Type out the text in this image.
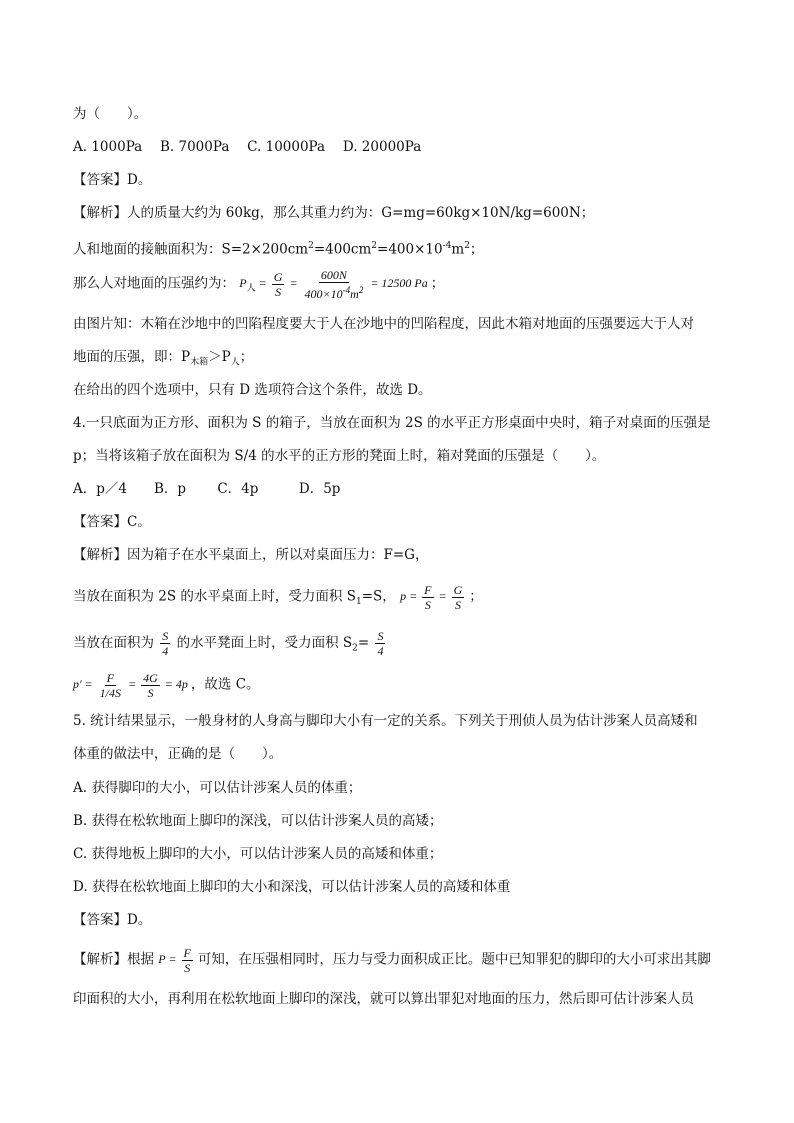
为（　　）。
A. 1000Pa　 B. 7000Pa　 C. 10000Pa　 D. 20000Pa
【答案】D。
【解析】人的质量大约为 60kg，那么其重力约为：G=mg=60kg×10N/kg=600N；
人和地面的接触面积为：$S=2\times 200cm^2=400cm^2=400\times 10^{-4}m^2$；
那么人对地面的压强约为： $P_人 = \frac{G}{S} = \frac{600N}{400\times 10^{-4}m^2} = 12500$ Pa ；
由图片知：木箱在沙地中的凹陷程度要大于人在沙地中的凹陷程度，因此木箱对地面的压强要远大于人对
地面的压强，即：$P_{木箱}>P_人$；
在给出的四个选项中，只有 D 选项符合这个条件，故选 D。
4.一只底面为正方形、面积为 S 的箱子，当放在面积为 2S 的水平正方形桌面中央时，箱子对桌面的压强是
p；当将该箱子放在面积为 S/4 的水平的正方形的凳面上时，箱对凳面的压强是（　　）。
A．p／4　　B．p　　 C．4p　　　D．5p
【答案】C。
【解析】因为箱子在水平桌面上，所以对桌面压力：F=G，
当放在面积为 2S 的水平桌面上时，受力面积 $S_1=S$， $p = \frac{F}{S} = \frac{G}{S}$ ；
当放在面积为 $\frac{S}{4}$ 的水平凳面上时，受力面积 $S_2= \frac{S}{4}$
$p' = \frac{F}{1/4S} = \frac{4G}{S} = 4p$ ，故选 C。
5. 统计结果显示，一般身材的人身高与脚印大小有一定的关系。下列关于刑侦人员为估计涉案人员高矮和
体重的做法中，正确的是（　　）。
A. 获得脚印的大小，可以估计涉案人员的体重；
B. 获得在松软地面上脚印的深浅，可以估计涉案人员的高矮；
C. 获得地板上脚印的大小，可以估计涉案人员的高矮和体重；
D. 获得在松软地面上脚印的大小和深浅，可以估计涉案人员的高矮和体重
【答案】D。
【解析】根据 $P = \frac{F}{S}$ 可知，在压强相同时，压力与受力面积成正比。题中已知罪犯的脚印的大小可求出其脚
印面积的大小，再利用在松软地面上脚印的深浅，就可以算出罪犯对地面的压力，然后即可估计涉案人员
